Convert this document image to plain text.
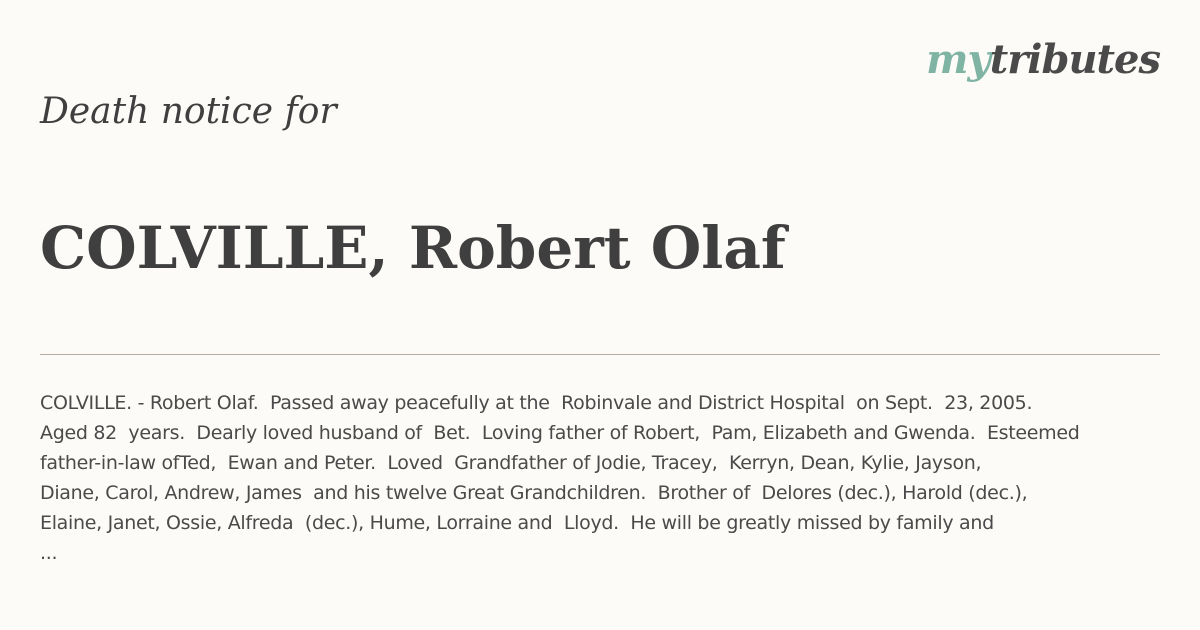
mytributes
Death notice for
COLVILLE, Robert Olaf

COLVILLE. - Robert Olaf.  Passed away peacefully at the  Robinvale and District Hospital  on Sept.  23, 2005.

Aged 82  years.  Dearly loved husband of  Bet.  Loving father of Robert,  Pam, Elizabeth and Gwenda.  Esteemed

father-in-law ofTed,  Ewan and Peter.  Loved  Grandfather of Jodie, Tracey,  Kerryn, Dean, Kylie, Jayson,

Diane, Carol, Andrew, James  and his twelve Great Grandchildren.  Brother of  Delores (dec.), Harold (dec.),

Elaine, Janet, Ossie, Alfreda  (dec.), Hume, Lorraine and  Lloyd.  He will be greatly missed by family and

...
